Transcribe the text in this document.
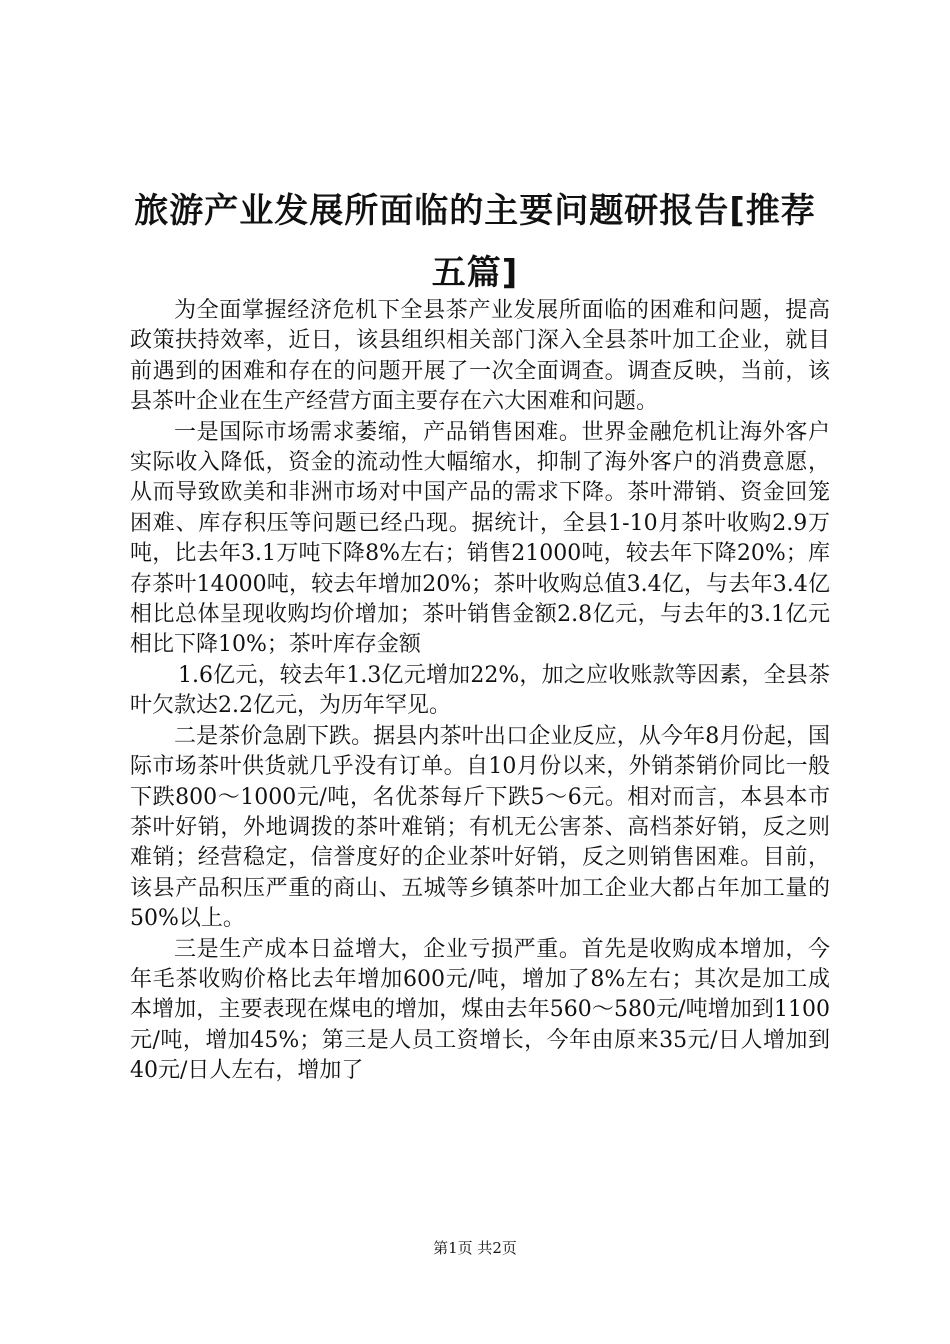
旅游产业发展所面临的主要问题研报告[推荐
五篇]

为全面掌握经济危机下全县茶产业发展所面临的困难和问题，提高政策扶持效率，近日，该县组织相关部门深入全县茶叶加工企业，就目前遇到的困难和存在的问题开展了一次全面调查。调查反映，当前，该县茶叶企业在生产经营方面主要存在六大困难和问题。

一是国际市场需求萎缩，产品销售困难。世界金融危机让海外客户实际收入降低，资金的流动性大幅缩水，抑制了海外客户的消费意愿，从而导致欧美和非洲市场对中国产品的需求下降。茶叶滞销、资金回笼困难、库存积压等问题已经凸现。据统计，全县1-10月茶叶收购2.9万吨，比去年3.1万吨下降8%左右；销售21000吨，较去年下降20%；库存茶叶14000吨，较去年增加20%；茶叶收购总值3.4亿，与去年3.4亿相比总体呈现收购均价增加；茶叶销售金额2.8亿元，与去年的3.1亿元相比下降10%；茶叶库存金额

1.6亿元，较去年1.3亿元增加22%，加之应收账款等因素，全县茶叶欠款达2.2亿元，为历年罕见。

二是茶价急剧下跌。据县内茶叶出口企业反应，从今年8月份起，国际市场茶叶供货就几乎没有订单。自10月份以来，外销茶销价同比一般下跌800～1000元/吨，名优茶每斤下跌5～6元。相对而言，本县本市茶叶好销，外地调拨的茶叶难销；有机无公害茶、高档茶好销，反之则难销；经营稳定，信誉度好的企业茶叶好销，反之则销售困难。目前，该县产品积压严重的商山、五城等乡镇茶叶加工企业大都占年加工量的50%以上。

三是生产成本日益增大，企业亏损严重。首先是收购成本增加，今年毛茶收购价格比去年增加600元/吨，增加了8%左右；其次是加工成本增加，主要表现在煤电的增加，煤由去年560～580元/吨增加到1100元/吨，增加45%；第三是人员工资增长，今年由原来35元/日人增加到40元/日人左右，增加了

第1页 共2页
